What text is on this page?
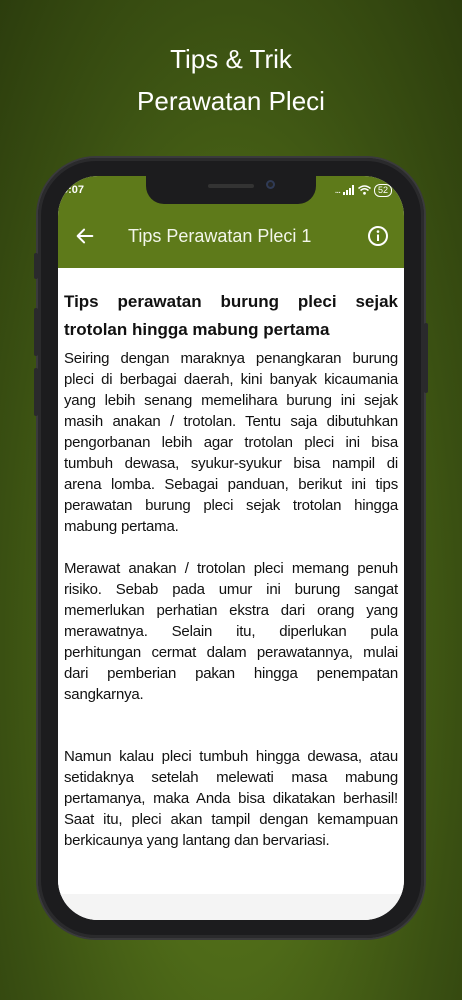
Tips & Trik
Perawatan Pleci
9:07	...	52
Tips Perawatan Pleci 1
Tips perawatan burung pleci sejak trotolan hingga mabung pertama
Seiring dengan maraknya penangkaran burung pleci di berbagai daerah, kini banyak kicaumania yang lebih senang memelihara burung ini sejak masih anakan / trotolan. Tentu saja dibutuhkan pengorbanan lebih agar trotolan pleci ini bisa tumbuh dewasa, syukur-syukur bisa nampil di arena lomba. Sebagai panduan, berikut ini tips perawatan burung pleci sejak trotolan hingga mabung pertama.
Merawat anakan / trotolan pleci memang penuh risiko. Sebab pada umur ini burung sangat memerlukan perhatian ekstra dari orang yang merawatnya. Selain itu, diperlukan pula perhitungan cermat dalam perawatannya, mulai dari pemberian pakan hingga penempatan sangkarnya.
Namun kalau pleci tumbuh hingga dewasa, atau setidaknya setelah melewati masa mabung pertamanya, maka Anda bisa dikatakan berhasil! Saat itu, pleci akan tampil dengan kemampuan berkicaunya yang lantang dan bervariasi.
